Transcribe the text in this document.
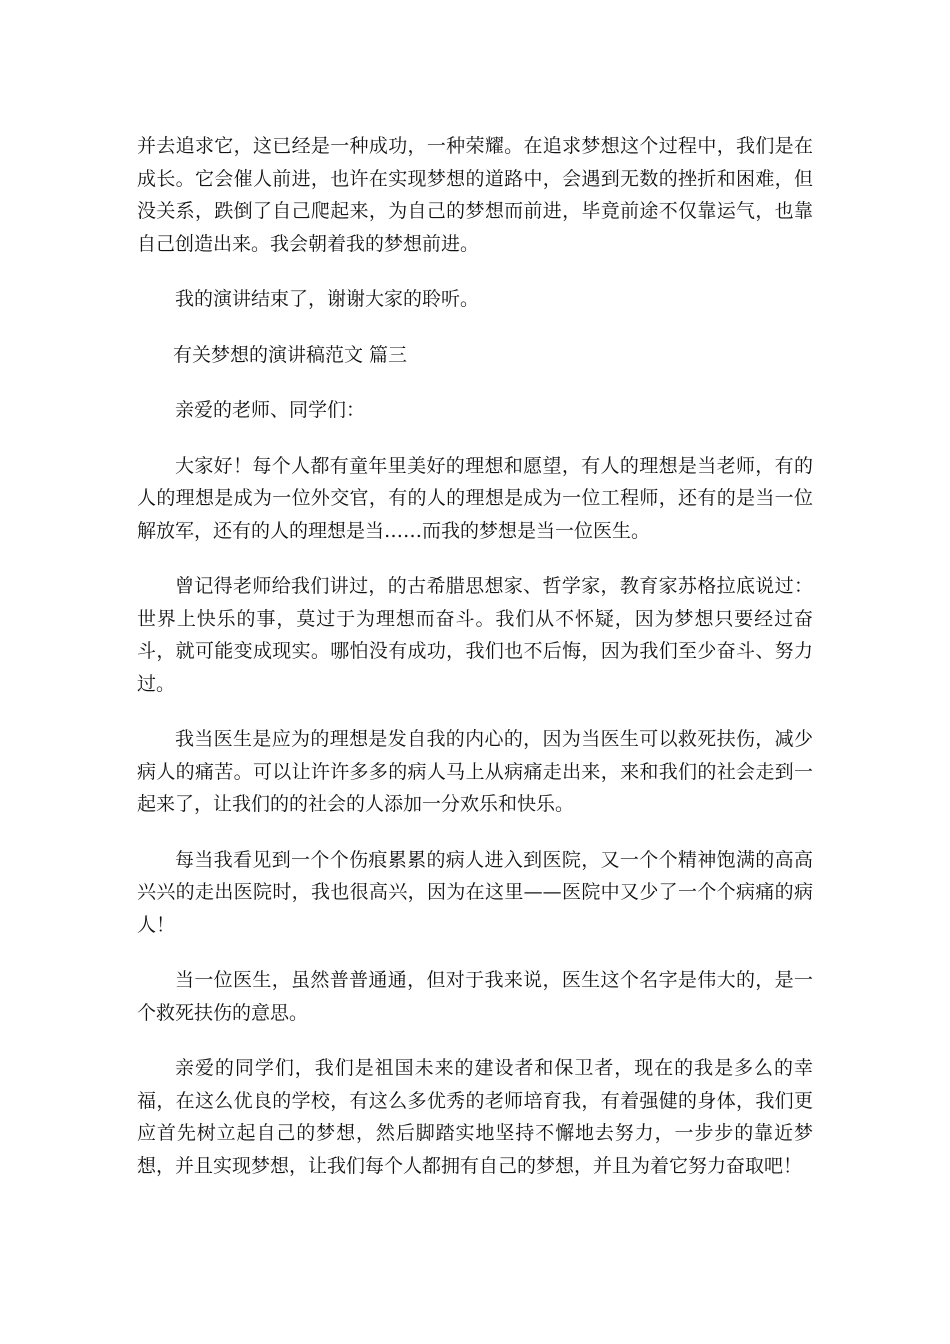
并去追求它，这已经是一种成功，一种荣耀。在追求梦想这个过程中，我们是在成长。它会催人前进，也许在实现梦想的道路中，会遇到无数的挫折和困难，但没关系，跌倒了自己爬起来，为自己的梦想而前进，毕竟前途不仅靠运气，也靠自己创造出来。我会朝着我的梦想前进。

我的演讲结束了，谢谢大家的聆听。

有关梦想的演讲稿范文 篇三

亲爱的老师、同学们：

大家好！每个人都有童年里美好的理想和愿望，有人的理想是当老师，有的人的理想是成为一位外交官，有的人的理想是成为一位工程师，还有的是当一位解放军，还有的人的理想是当……而我的梦想是当一位医生。

曾记得老师给我们讲过，的古希腊思想家、哲学家，教育家苏格拉底说过：世界上快乐的事，莫过于为理想而奋斗。我们从不怀疑，因为梦想只要经过奋斗，就可能变成现实。哪怕没有成功，我们也不后悔，因为我们至少奋斗、努力过。

我当医生是应为的理想是发自我的内心的，因为当医生可以救死扶伤，减少病人的痛苦。可以让许许多多的病人马上从病痛走出来，来和我们的社会走到一起来了，让我们的的社会的人添加一分欢乐和快乐。

每当我看见到一个个伤痕累累的病人进入到医院，又一个个精神饱满的高高兴兴的走出医院时，我也很高兴，因为在这里——医院中又少了一个个病痛的病人！

当一位医生，虽然普普通通，但对于我来说，医生这个名字是伟大的，是一个救死扶伤的意思。

亲爱的同学们，我们是祖国未来的建设者和保卫者，现在的我是多么的幸福，在这么优良的学校，有这么多优秀的老师培育我，有着强健的身体，我们更应首先树立起自己的梦想，然后脚踏实地坚持不懈地去努力，一步步的靠近梦想，并且实现梦想，让我们每个人都拥有自己的梦想，并且为着它努力奋取吧！
